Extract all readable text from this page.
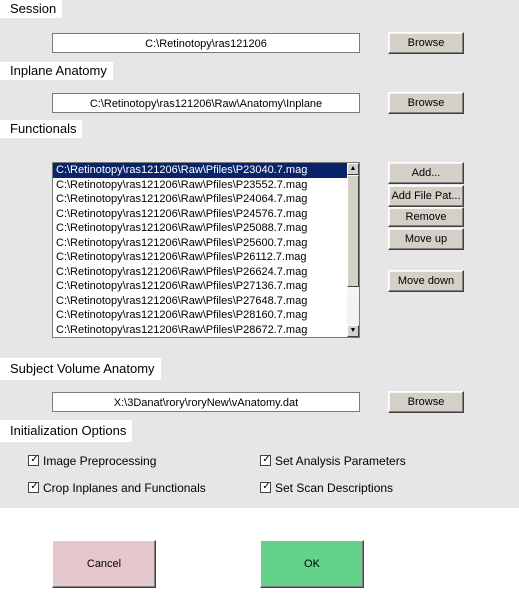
Session
C:\Retinotopy\ras121206	Browse
Inplane Anatomy
C:\Retinotopy\ras121206\Raw\Anatomy\Inplane	Browse
Functionals
C:\Retinotopy\ras121206\Raw\Pfiles\P23040.7.mag
C:\Retinotopy\ras121206\Raw\Pfiles\P23552.7.mag
C:\Retinotopy\ras121206\Raw\Pfiles\P24064.7.mag
C:\Retinotopy\ras121206\Raw\Pfiles\P24576.7.mag
C:\Retinotopy\ras121206\Raw\Pfiles\P25088.7.mag
C:\Retinotopy\ras121206\Raw\Pfiles\P25600.7.mag
C:\Retinotopy\ras121206\Raw\Pfiles\P26112.7.mag
C:\Retinotopy\ras121206\Raw\Pfiles\P26624.7.mag
C:\Retinotopy\ras121206\Raw\Pfiles\P27136.7.mag
C:\Retinotopy\ras121206\Raw\Pfiles\P27648.7.mag
C:\Retinotopy\ras121206\Raw\Pfiles\P28160.7.mag
C:\Retinotopy\ras121206\Raw\Pfiles\P28672.7.mag
▲
▼
Add...
Add File Pat...
Remove
Move up
Move down
Subject Volume Anatomy
X:\3Danat\rory\roryNew\vAnatomy.dat	Browse
Initialization Options
✓ Image Preprocessing
✓ Crop Inplanes and Functionals
✓ Set Analysis Parameters
✓ Set Scan Descriptions
Cancel	OK
